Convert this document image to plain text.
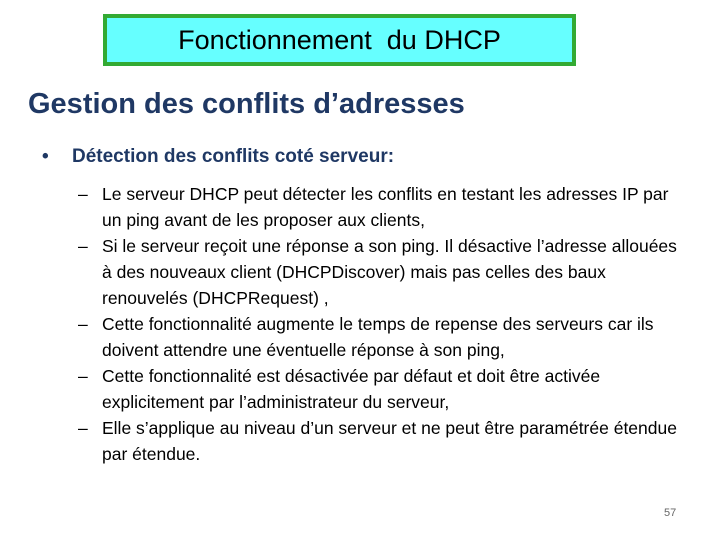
Fonctionnement  du DHCP
Gestion des conflits d’adresses
• Détection des conflits coté serveur:
– Le serveur DHCP peut détecter les conflits en testant les adresses IP par un ping avant de les proposer aux clients,
– Si le serveur reçoit une réponse a son ping. Il désactive l’adresse allouées à des nouveaux client (DHCPDiscover) mais pas celles des baux renouvelés (DHCPRequest) ,
– Cette fonctionnalité augmente le temps de repense des serveurs car ils doivent attendre une éventuelle réponse à son ping,
– Cette fonctionnalité est désactivée par défaut et doit être activée explicitement par l’administrateur du serveur,
– Elle s’applique au niveau d’un serveur et ne peut être paramétrée étendue par étendue.
57
